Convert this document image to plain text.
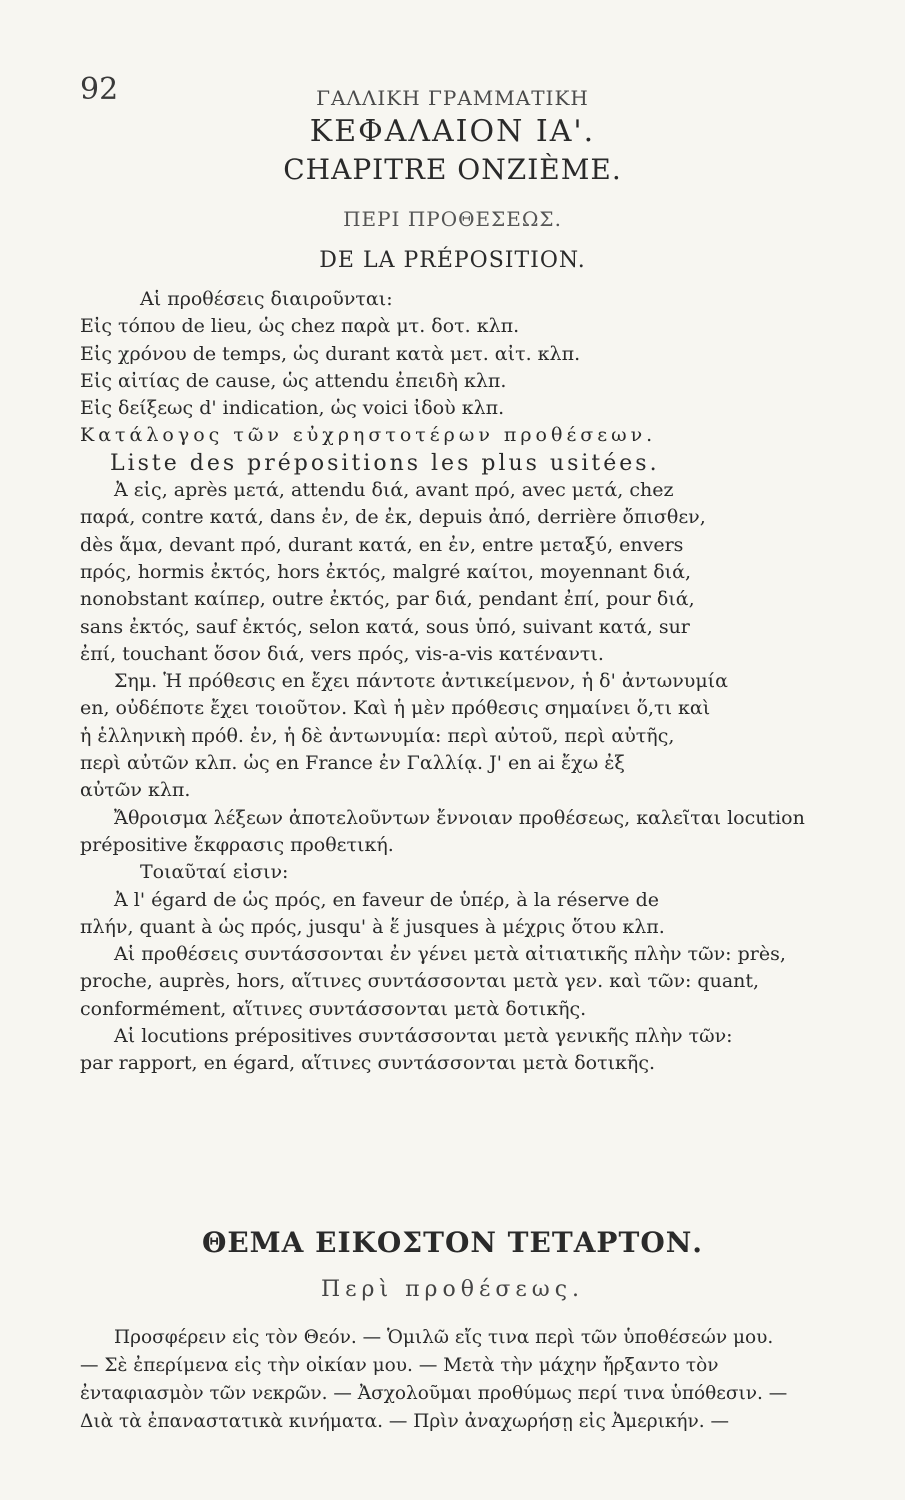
92	ΓΑΛΛΙΚΗ ΓΡΑΜΜΑΤΙΚΗ
ΚΕΦΑΛΑΙΟΝ ΙΑ'.
CHAPITRE ONZIÈME.
ΠΕΡΙ ΠΡΟΘΕΣΕΩΣ.
DE LA PRÉPOSITION.
Αἱ προθέσεις διαιροῦνται:
Εἰς τόπου de lieu, ὡς chez παρὰ μτ. δοτ. κλπ.
Εἰς χρόνου de temps, ὡς durant κατὰ μετ. αἰτ. κλπ.
Εἰς αἰτίας de cause, ὡς attendu ἐπειδὴ κλπ.
Εἰς δείξεως d' indication, ὡς voici ἰδοὺ κλπ.
Κατάλογος τῶν εὐχρηστοτέρων προθέσεων.
Liste des prépositions les plus usitées.
Ἀ εἰς, après μετά, attendu διά, avant πρό, avec μετά, chez
παρά, contre κατά, dans ἐν, de ἐκ, depuis ἀπό, derrière ὄπισθεν,
dès ἅμα, devant πρό, durant κατά, en ἐν, entre μεταξύ, envers
πρός, hormis ἐκτός, hors ἐκτός, malgré καίτοι, moyennant διά,
nonobstant καίπερ, outre ἐκτός, par διά, pendant ἐπί, pour διά,
sans ἐκτός, sauf ἐκτός, selon κατά, sous ὑπό, suivant κατά, sur
ἐπί, touchant ὅσον διά, vers πρός, vis-a-vis κατέναντι.
Σημ. Ἡ πρόθεσις en ἔχει πάντοτε ἀντικείμενον, ἡ δ' ἀντωνυμία
en, οὐδέποτε ἔχει τοιοῦτον. Καὶ ἡ μὲν πρόθεσις σημαίνει ὅ,τι καὶ
ἡ ἑλληνικὴ πρόθ. ἐν, ἡ δὲ ἀντωνυμία: περὶ αὐτοῦ, περὶ αὐτῆς,
περὶ αὐτῶν κλπ. ὡς en France ἐν Γαλλίᾳ. J' en ai ἔχω ἐξ
αὐτῶν κλπ.
Ἄθροισμα λέξεων ἀποτελοῦντων ἔννοιαν προθέσεως, καλεῖται locution
prépositive ἔκφρασις προθετική.
Τοιαῦταί εἰσιν:
Ἀ l' égard de ὡς πρός, en faveur de ὑπέρ, à la réserve de
πλήν, quant à ὡς πρός, jusqu' à ἕ jusques à μέχρις ὅτου κλπ.
Αἱ προθέσεις συντάσσονται ἐν γένει μετὰ αἰτιατικῆς πλὴν τῶν: près,
proche, auprès, hors, αἵτινες συντάσσονται μετὰ γεν. καὶ τῶν: quant,
conformément, αἵτινες συντάσσονται μετὰ δοτικῆς.
Αἱ locutions prépositives συντάσσονται μετὰ γενικῆς πλὴν τῶν:
par rapport, en égard, αἵτινες συντάσσονται μετὰ δοτικῆς.
ΘΕΜΑ ΕΙΚΟΣΤΟΝ ΤΕΤΑΡΤΟΝ.
Περὶ προθέσεως.
Προσφέρειν εἰς τὸν Θεόν. — Ὁμιλῶ εἴς τινα περὶ τῶν ὑποθέσεών μου.
— Σὲ ἐπερίμενα εἰς τὴν οἰκίαν μου. — Μετὰ τὴν μάχην ἤρξαντο τὸν
ἐνταφιασμὸν τῶν νεκρῶν. — Ἀσχολοῦμαι προθύμως περί τινα ὑπόθεσιν. —
Διὰ τὰ ἐπαναστατικὰ κινήματα. — Πρὶν ἀναχωρήσῃ εἰς Ἀμερικήν. —
